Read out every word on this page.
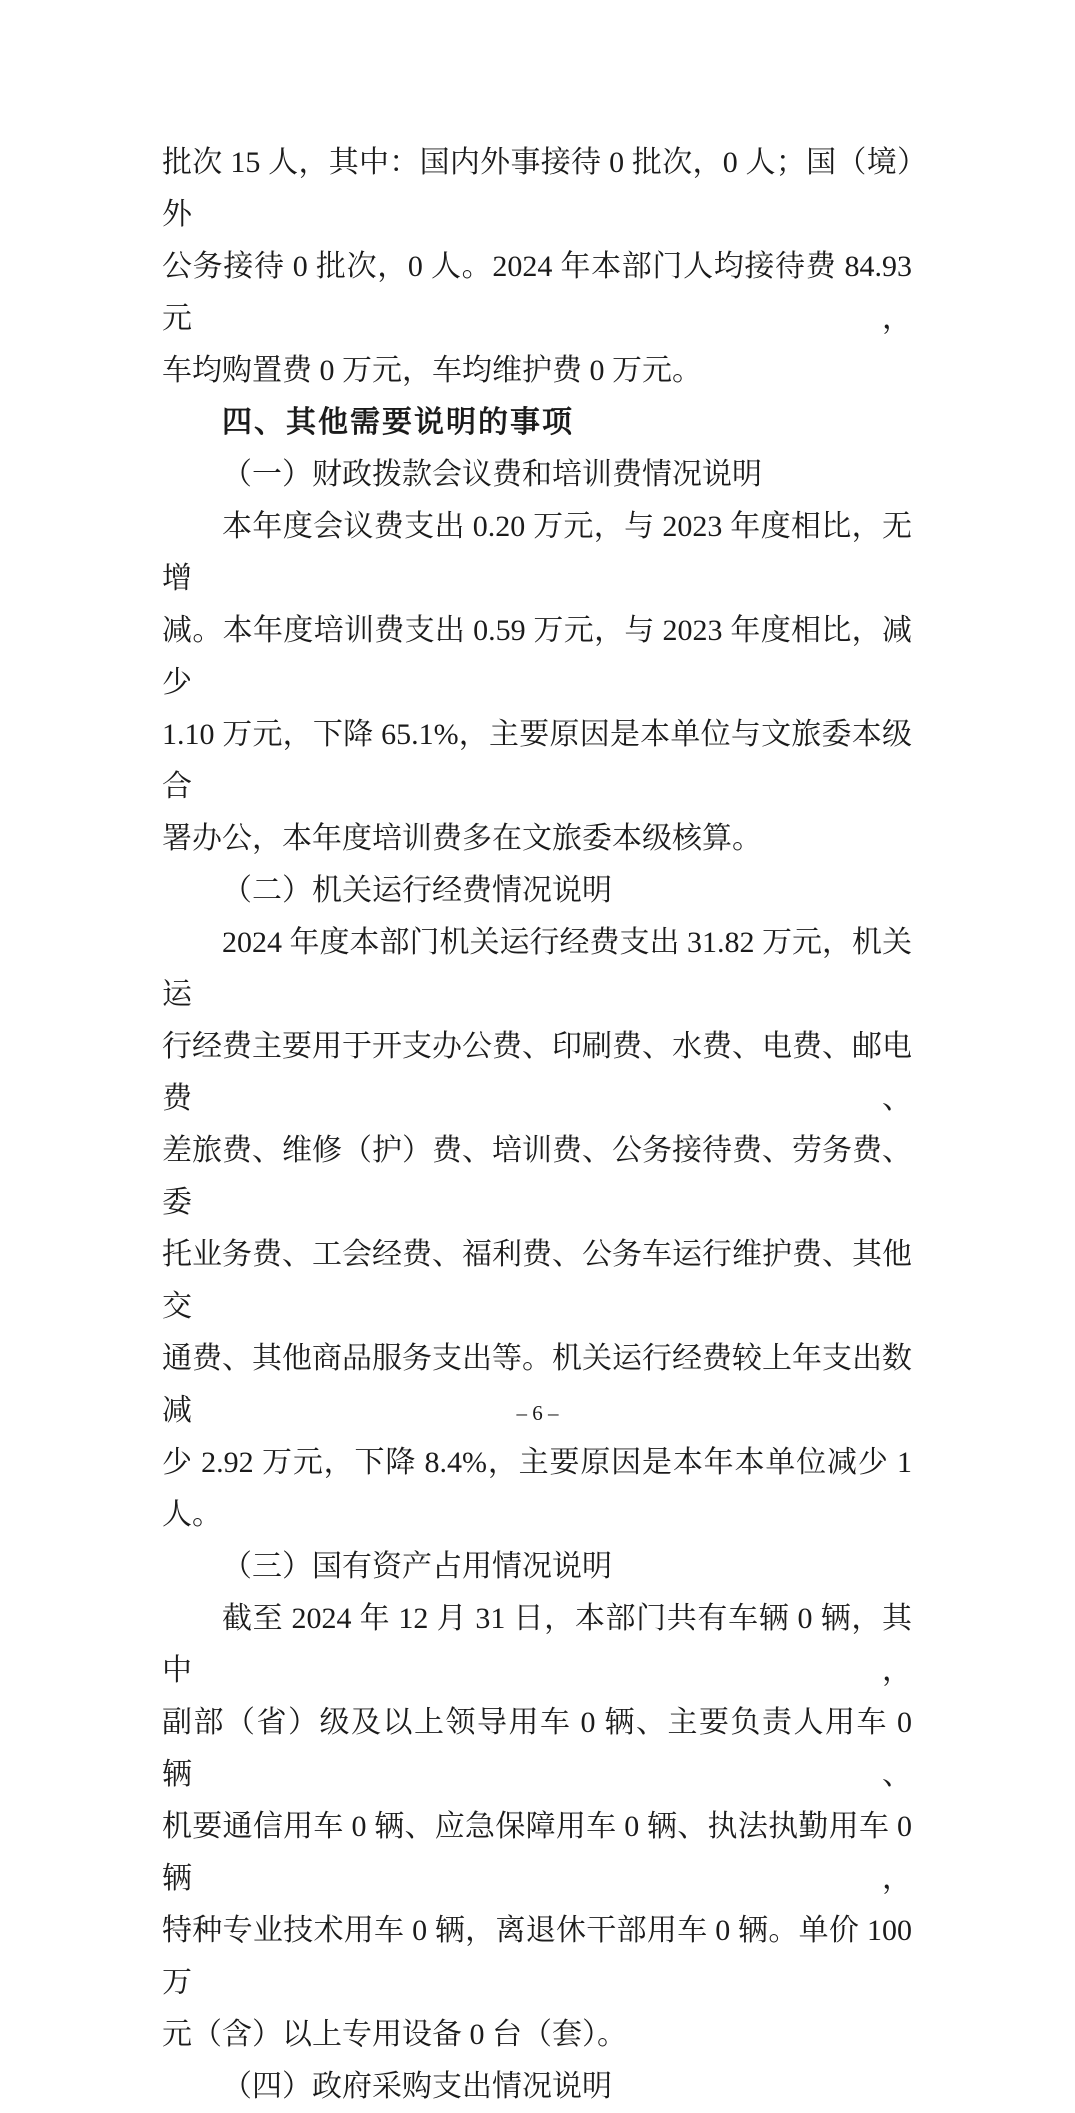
批次 15 人，其中：国内外事接待 0 批次，0 人；国（境）外
公务接待 0 批次，0 人。2024 年本部门人均接待费 84.93 元，
车均购置费 0 万元，车均维护费 0 万元。
四、其他需要说明的事项
（一）财政拨款会议费和培训费情况说明
本年度会议费支出 0.20 万元，与 2023 年度相比，无增
减。本年度培训费支出 0.59 万元，与 2023 年度相比，减少
1.10 万元，下降 65.1%，主要原因是本单位与文旅委本级合
署办公，本年度培训费多在文旅委本级核算。
（二）机关运行经费情况说明
2024 年度本部门机关运行经费支出 31.82 万元，机关运
行经费主要用于开支办公费、印刷费、水费、电费、邮电费、
差旅费、维修（护）费、培训费、公务接待费、劳务费、委
托业务费、工会经费、福利费、公务车运行维护费、其他交
通费、其他商品服务支出等。机关运行经费较上年支出数减
少 2.92 万元，下降 8.4%，主要原因是本年本单位减少 1 人。
（三）国有资产占用情况说明
截至 2024 年 12 月 31 日，本部门共有车辆 0 辆，其中，
副部（省）级及以上领导用车 0 辆、主要负责人用车 0 辆、
机要通信用车 0 辆、应急保障用车 0 辆、执法执勤用车 0 辆，
特种专业技术用车 0 辆，离退休干部用车 0 辆。单价 100 万
元（含）以上专用设备 0 台（套）。
（四）政府采购支出情况说明
– 6 –
